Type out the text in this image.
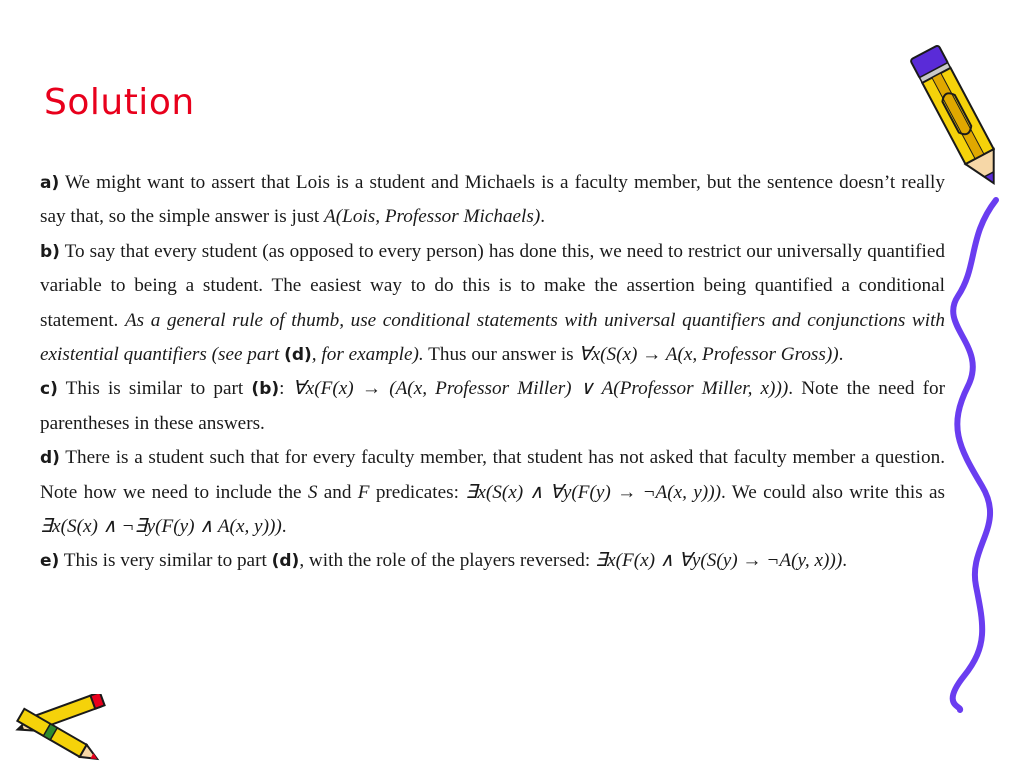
Solution

a) We might want to assert that Lois is a student and Michaels is a faculty member, but the sentence doesn’t really say that, so the simple answer is just A(Lois, Professor Michaels).

b) To say that every student (as opposed to every person) has done this, we need to restrict our universally quantified variable to being a student. The easiest way to do this is to make the assertion being quantified a conditional statement. As a general rule of thumb, use conditional statements with universal quantifiers and conjunctions with existential quantifiers (see part (d), for example). Thus our answer is ∀x(S(x) → A(x, Professor Gross)).

c) This is similar to part (b): ∀x(F(x) → (A(x, Professor Miller) ∨ A(Professor Miller, x))). Note the need for parentheses in these answers.

d) There is a student such that for every faculty member, that student has not asked that faculty member a question. Note how we need to include the S and F predicates: ∃x(S(x) ∧ ∀y(F(y) → ¬A(x, y))). We could also write this as ∃x(S(x) ∧ ¬∃y(F(y) ∧ A(x, y))).

e) This is very similar to part (d), with the role of the players reversed: ∃x(F(x) ∧ ∀y(S(y) → ¬A(y, x))).
